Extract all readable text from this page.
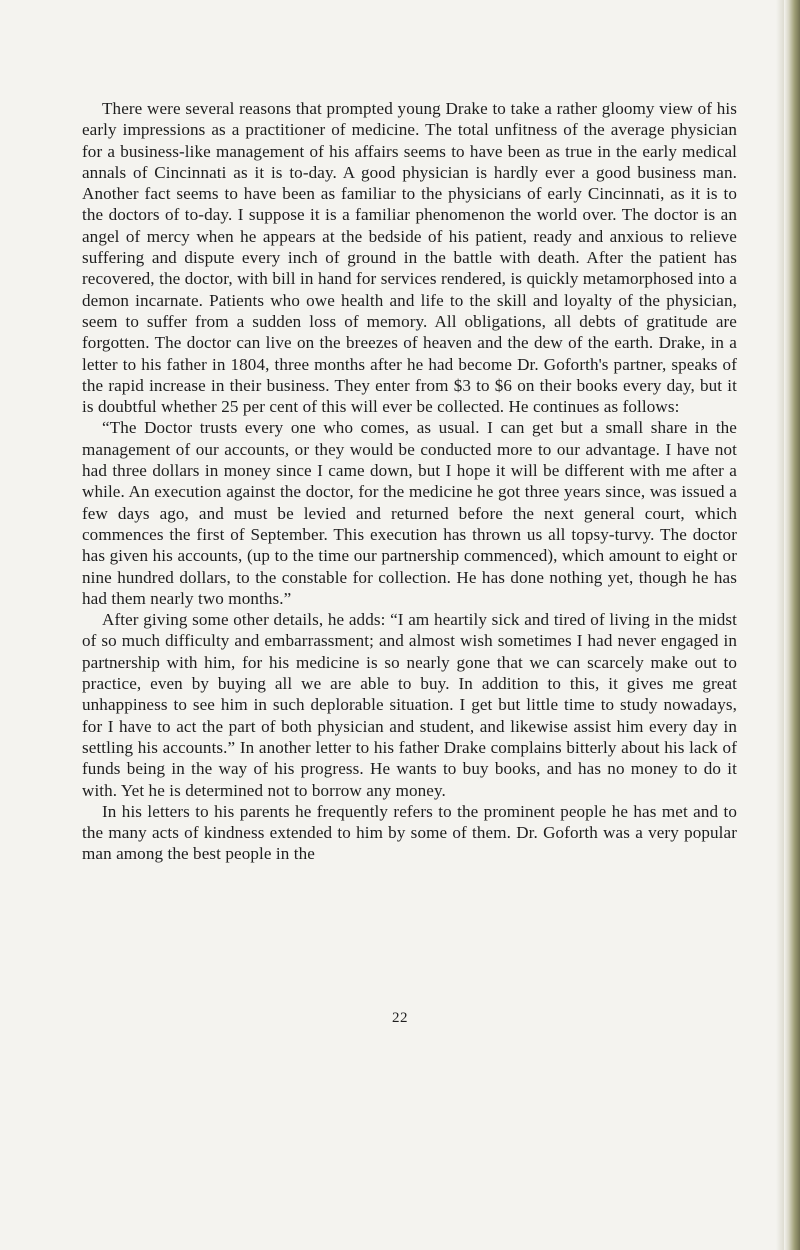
There were several reasons that prompted young Drake to take a rather gloomy view of his early impressions as a practitioner of medicine. The total unfitness of the average physician for a business-like management of his affairs seems to have been as true in the early medical annals of Cincinnati as it is to-day. A good physician is hardly ever a good business man. Another fact seems to have been as familiar to the physicians of early Cincinnati, as it is to the doctors of to-day. I suppose it is a familiar phenomenon the world over. The doctor is an angel of mercy when he appears at the bedside of his patient, ready and anxious to relieve suffering and dispute every inch of ground in the battle with death. After the patient has recovered, the doctor, with bill in hand for services rendered, is quickly metamorphosed into a demon incarnate. Patients who owe health and life to the skill and loyalty of the physician, seem to suffer from a sudden loss of memory. All obligations, all debts of gratitude are forgotten. The doctor can live on the breezes of heaven and the dew of the earth. Drake, in a letter to his father in 1804, three months after he had become Dr. Goforth's partner, speaks of the rapid increase in their business. They enter from $3 to $6 on their books every day, but it is doubtful whether 25 per cent of this will ever be collected. He continues as follows:

“The Doctor trusts every one who comes, as usual. I can get but a small share in the management of our accounts, or they would be conducted more to our advantage. I have not had three dollars in money since I came down, but I hope it will be different with me after a while. An execution against the doctor, for the medicine he got three years since, was issued a few days ago, and must be levied and returned before the next general court, which commences the first of September. This execution has thrown us all topsy-turvy. The doctor has given his accounts, (up to the time our partnership commenced), which amount to eight or nine hundred dollars, to the constable for collection. He has done nothing yet, though he has had them nearly two months.”

After giving some other details, he adds: “I am heartily sick and tired of living in the midst of so much difficulty and embarrassment; and almost wish sometimes I had never engaged in partnership with him, for his medicine is so nearly gone that we can scarcely make out to practice, even by buying all we are able to buy. In addition to this, it gives me great unhappiness to see him in such deplorable situation. I get but little time to study nowadays, for I have to act the part of both physician and student, and likewise assist him every day in settling his accounts.” In another letter to his father Drake complains bitterly about his lack of funds being in the way of his progress. He wants to buy books, and has no money to do it with. Yet he is determined not to borrow any money.

In his letters to his parents he frequently refers to the prominent people he has met and to the many acts of kindness extended to him by some of them. Dr. Goforth was a very popular man among the best people in the

22
